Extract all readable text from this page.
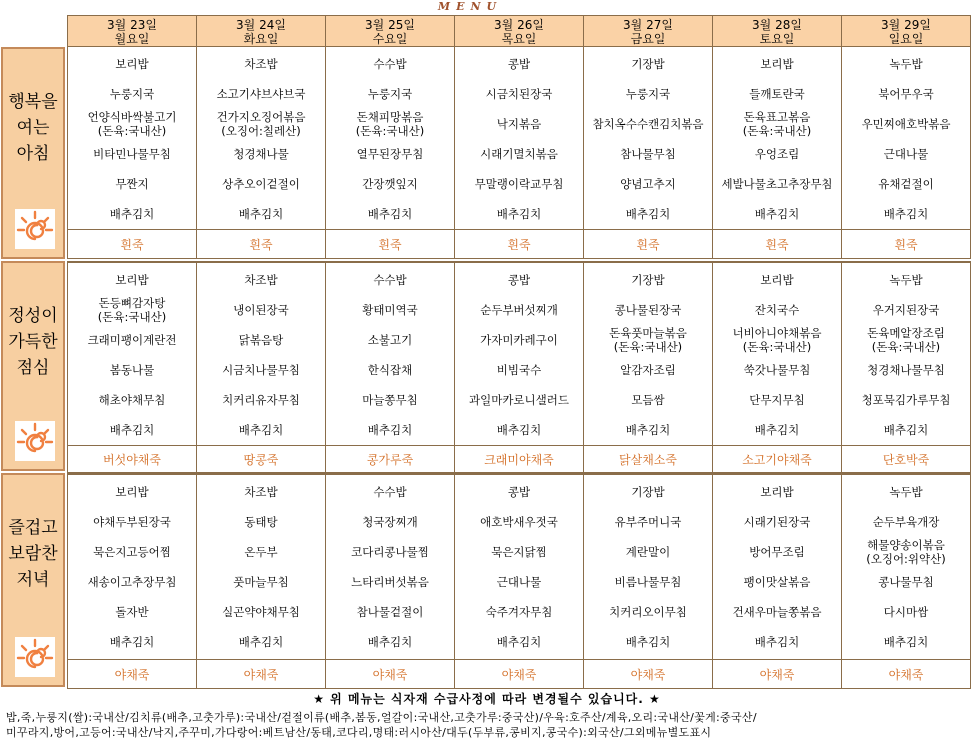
MENU
3월 23일
월요일
3월 24일
화요일
3월 25일
수요일
3월 26일
목요일
3월 27일
금요일
3월 28일
토요일
3월 29일
일요일
행복을
여는
아침
보리밥
누룽지국
언양식바싹불고기
(돈육:국내산)
비타민나물무침
무짠지
배추김치
흰죽
차조밥
소고기샤브샤브국
건가지오징어볶음
(오징어:칠레산)
청경채나물
상추오이겉절이
배추김치
흰죽
수수밥
누룽지국
돈채피망볶음
(돈육:국내산)
열무된장무침
간장깻잎지
배추김치
흰죽
콩밥
시금치된장국
낙지볶음
시래기멸치볶음
무말랭이락교무침
배추김치
흰죽
기장밥
누룽지국
참치옥수수캔김치볶음
참나물무침
양념고추지
배추김치
흰죽
보리밥
들깨토란국
돈육표고볶음
(돈육:국내산)
우엉조림
세발나물초고추장무침
배추김치
흰죽
녹두밥
북어무우국
우민찌애호박볶음
근대나물
유채겉절이
배추김치
흰죽
정성이
가득한
점심
보리밥
돈등뼈감자탕
(돈육:국내산)
크래미팽이계란전
봄동나물
해초야채무침
배추김치
버섯야채죽
차조밥
냉이된장국
닭볶음탕
시금치나물무침
치커리유자무침
배추김치
땅콩죽
수수밥
황태미역국
소불고기
한식잡채
마늘쫑무침
배추김치
콩가루죽
콩밥
순두부버섯찌개
가자미카레구이
비빔국수
과일마카로니샐러드
배추김치
크래미야채죽
기장밥
콩나물된장국
돈육풋마늘볶음
(돈육:국내산)
알감자조림
모듬쌈
배추김치
닭살채소죽
보리밥
잔치국수
너비아니야채볶음
(돈육:국내산)
쑥갓나물무침
단무지무침
배추김치
소고기야채죽
녹두밥
우거지된장국
돈육메알장조림
(돈육:국내산)
청경채나물무침
청포묵김가루무침
배추김치
단호박죽
즐겁고
보람찬
저녁
보리밥
야채두부된장국
묵은지고등어찜
새송이고추장무침
돌자반
배추김치
야채죽
차조밥
동태탕
온두부
풋마늘무침
실곤약야채무침
배추김치
야채죽
수수밥
청국장찌개
코다리콩나물찜
느타리버섯볶음
참나물겉절이
배추김치
야채죽
콩밥
애호박새우젓국
묵은지닭찜
근대나물
숙주겨자무침
배추김치
야채죽
기장밥
유부주머니국
계란말이
비름나물무침
치커리오이무침
배추김치
야채죽
보리밥
시래기된장국
방어무조림
팽이맛살볶음
건새우마늘쫑볶음
배추김치
야채죽
녹두밥
순두부육개장
해물양송이볶음
(오징어:위약산)
콩나물무침
다시마쌈
배추김치
야채죽
★ 위 메뉴는 식자재 수급사정에 따라 변경될수 있습니다. ★
밥,죽,누룽지(쌀):국내산/김치류(배추,고춧가루):국내산/겉절이류(배추,봄동,얼갈이:국내산,고춧가루:중국산)/우육:호주산/계육,오리:국내산/꽃게:중국산/
미꾸라지,방어,고등어:국내산/낙지,주꾸미,가다랑어:베트남산/동태,코다리,명태:러시아산/대두(두부류,콩비지,콩국수):외국산/그외메뉴별도표시
